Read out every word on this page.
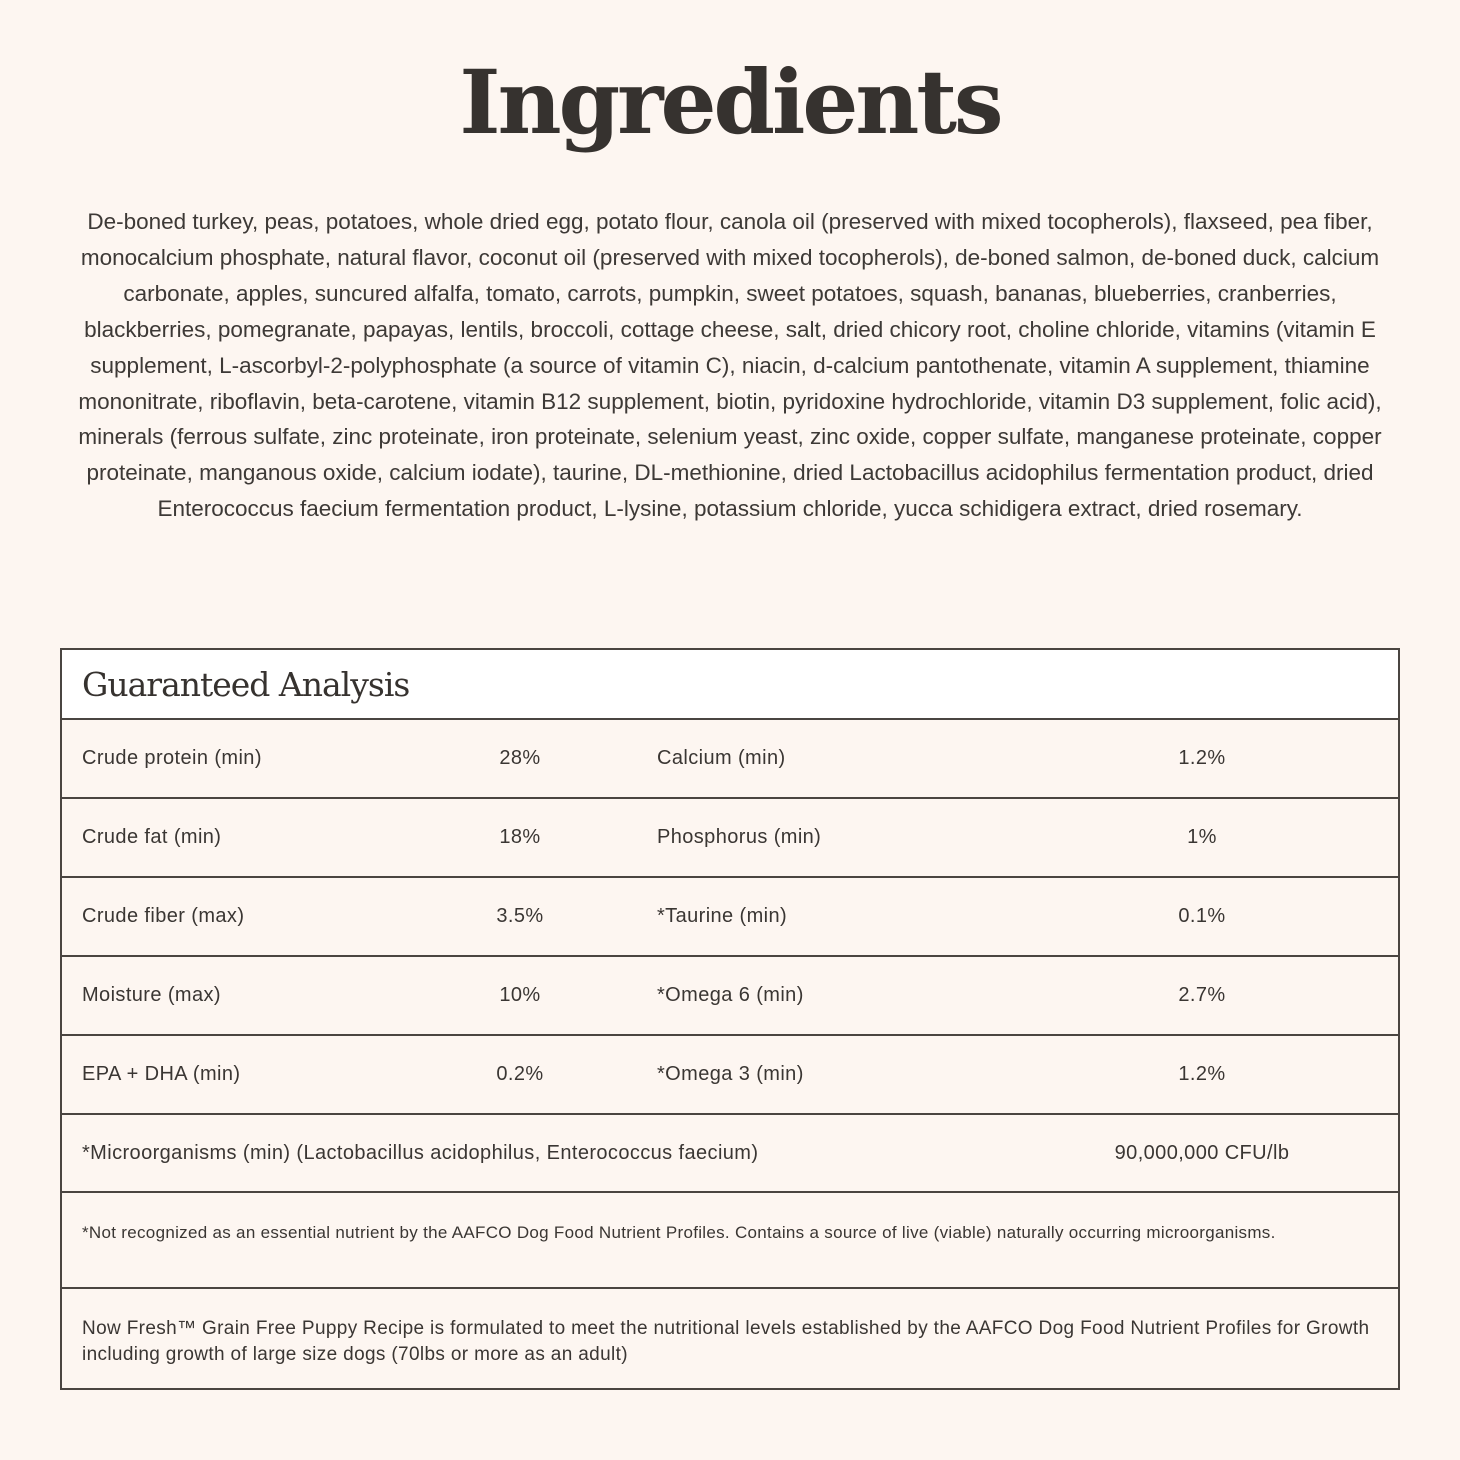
Ingredients

De-boned turkey, peas, potatoes, whole dried egg, potato flour, canola oil (preserved with mixed tocopherols), flaxseed, pea fiber, monocalcium phosphate, natural flavor, coconut oil (preserved with mixed tocopherols), de-boned salmon, de-boned duck, calcium carbonate, apples, suncured alfalfa, tomato, carrots, pumpkin, sweet potatoes, squash, bananas, blueberries, cranberries, blackberries, pomegranate, papayas, lentils, broccoli, cottage cheese, salt, dried chicory root, choline chloride, vitamins (vitamin E supplement, L-ascorbyl-2-polyphosphate (a source of vitamin C), niacin, d-calcium pantothenate, vitamin A supplement, thiamine mononitrate, riboflavin, beta-carotene, vitamin B12 supplement, biotin, pyridoxine hydrochloride, vitamin D3 supplement, folic acid), minerals (ferrous sulfate, zinc proteinate, iron proteinate, selenium yeast, zinc oxide, copper sulfate, manganese proteinate, copper proteinate, manganous oxide, calcium iodate), taurine, DL-methionine, dried Lactobacillus acidophilus fermentation product, dried Enterococcus faecium fermentation product, L-lysine, potassium chloride, yucca schidigera extract, dried rosemary.

Guaranteed Analysis
Crude protein (min)	28%	Calcium (min)	1.2%
Crude fat (min)	18%	Phosphorus (min)	1%
Crude fiber (max)	3.5%	*Taurine (min)	0.1%
Moisture (max)	10%	*Omega 6 (min)	2.7%
EPA + DHA (min)	0.2%	*Omega 3 (min)	1.2%
*Microorganisms (min) (Lactobacillus acidophilus, Enterococcus faecium)	90,000,000 CFU/lb
*Not recognized as an essential nutrient by the AAFCO Dog Food Nutrient Profiles. Contains a source of live (viable) naturally occurring microorganisms.
Now Fresh™ Grain Free Puppy Recipe is formulated to meet the nutritional levels established by the AAFCO Dog Food Nutrient Profiles for Growth including growth of large size dogs (70lbs or more as an adult)
